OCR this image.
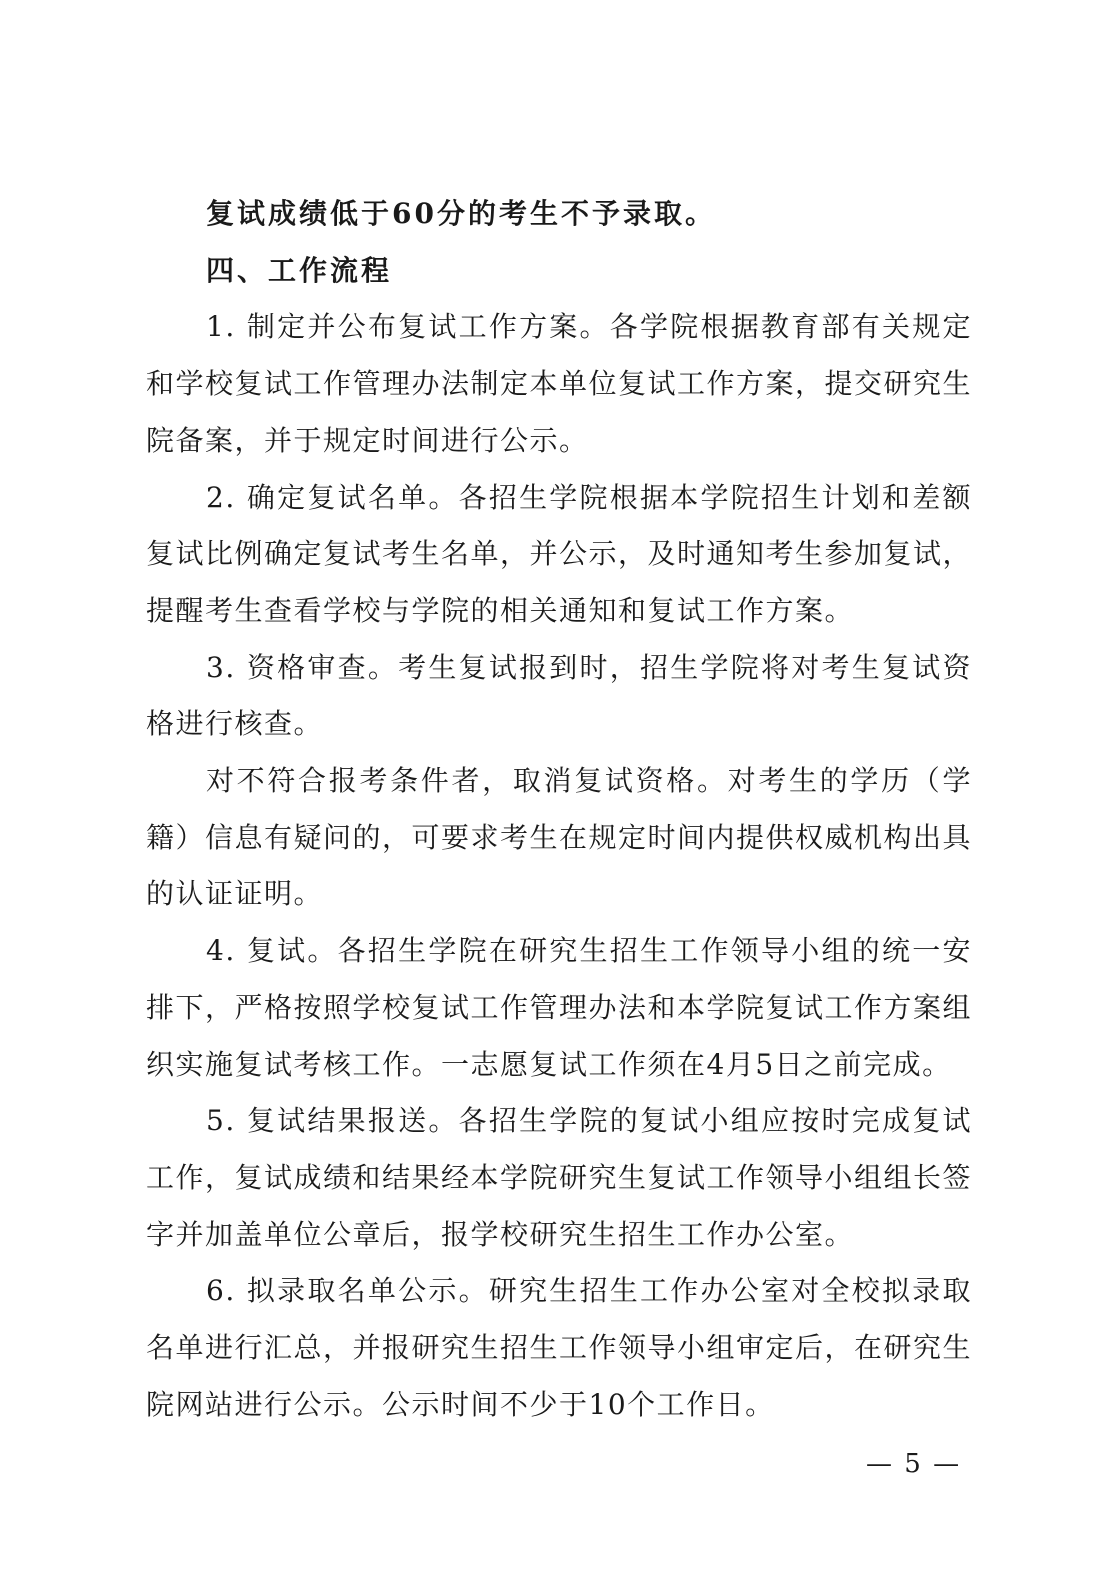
复试成绩低于60分的考生不予录取。

四、工作流程

1. 制定并公布复试工作方案。各学院根据教育部有关规定和学校复试工作管理办法制定本单位复试工作方案，提交研究生院备案，并于规定时间进行公示。

2. 确定复试名单。各招生学院根据本学院招生计划和差额复试比例确定复试考生名单，并公示，及时通知考生参加复试，提醒考生查看学校与学院的相关通知和复试工作方案。

3. 资格审查。考生复试报到时，招生学院将对考生复试资格进行核查。

对不符合报考条件者，取消复试资格。对考生的学历（学籍）信息有疑问的，可要求考生在规定时间内提供权威机构出具的认证证明。

4. 复试。各招生学院在研究生招生工作领导小组的统一安排下，严格按照学校复试工作管理办法和本学院复试工作方案组织实施复试考核工作。一志愿复试工作须在4月5日之前完成。

5. 复试结果报送。各招生学院的复试小组应按时完成复试工作，复试成绩和结果经本学院研究生复试工作领导小组组长签字并加盖单位公章后，报学校研究生招生工作办公室。

6. 拟录取名单公示。研究生招生工作办公室对全校拟录取名单进行汇总，并报研究生招生工作领导小组审定后，在研究生院网站进行公示。公示时间不少于10个工作日。

— 5 —
